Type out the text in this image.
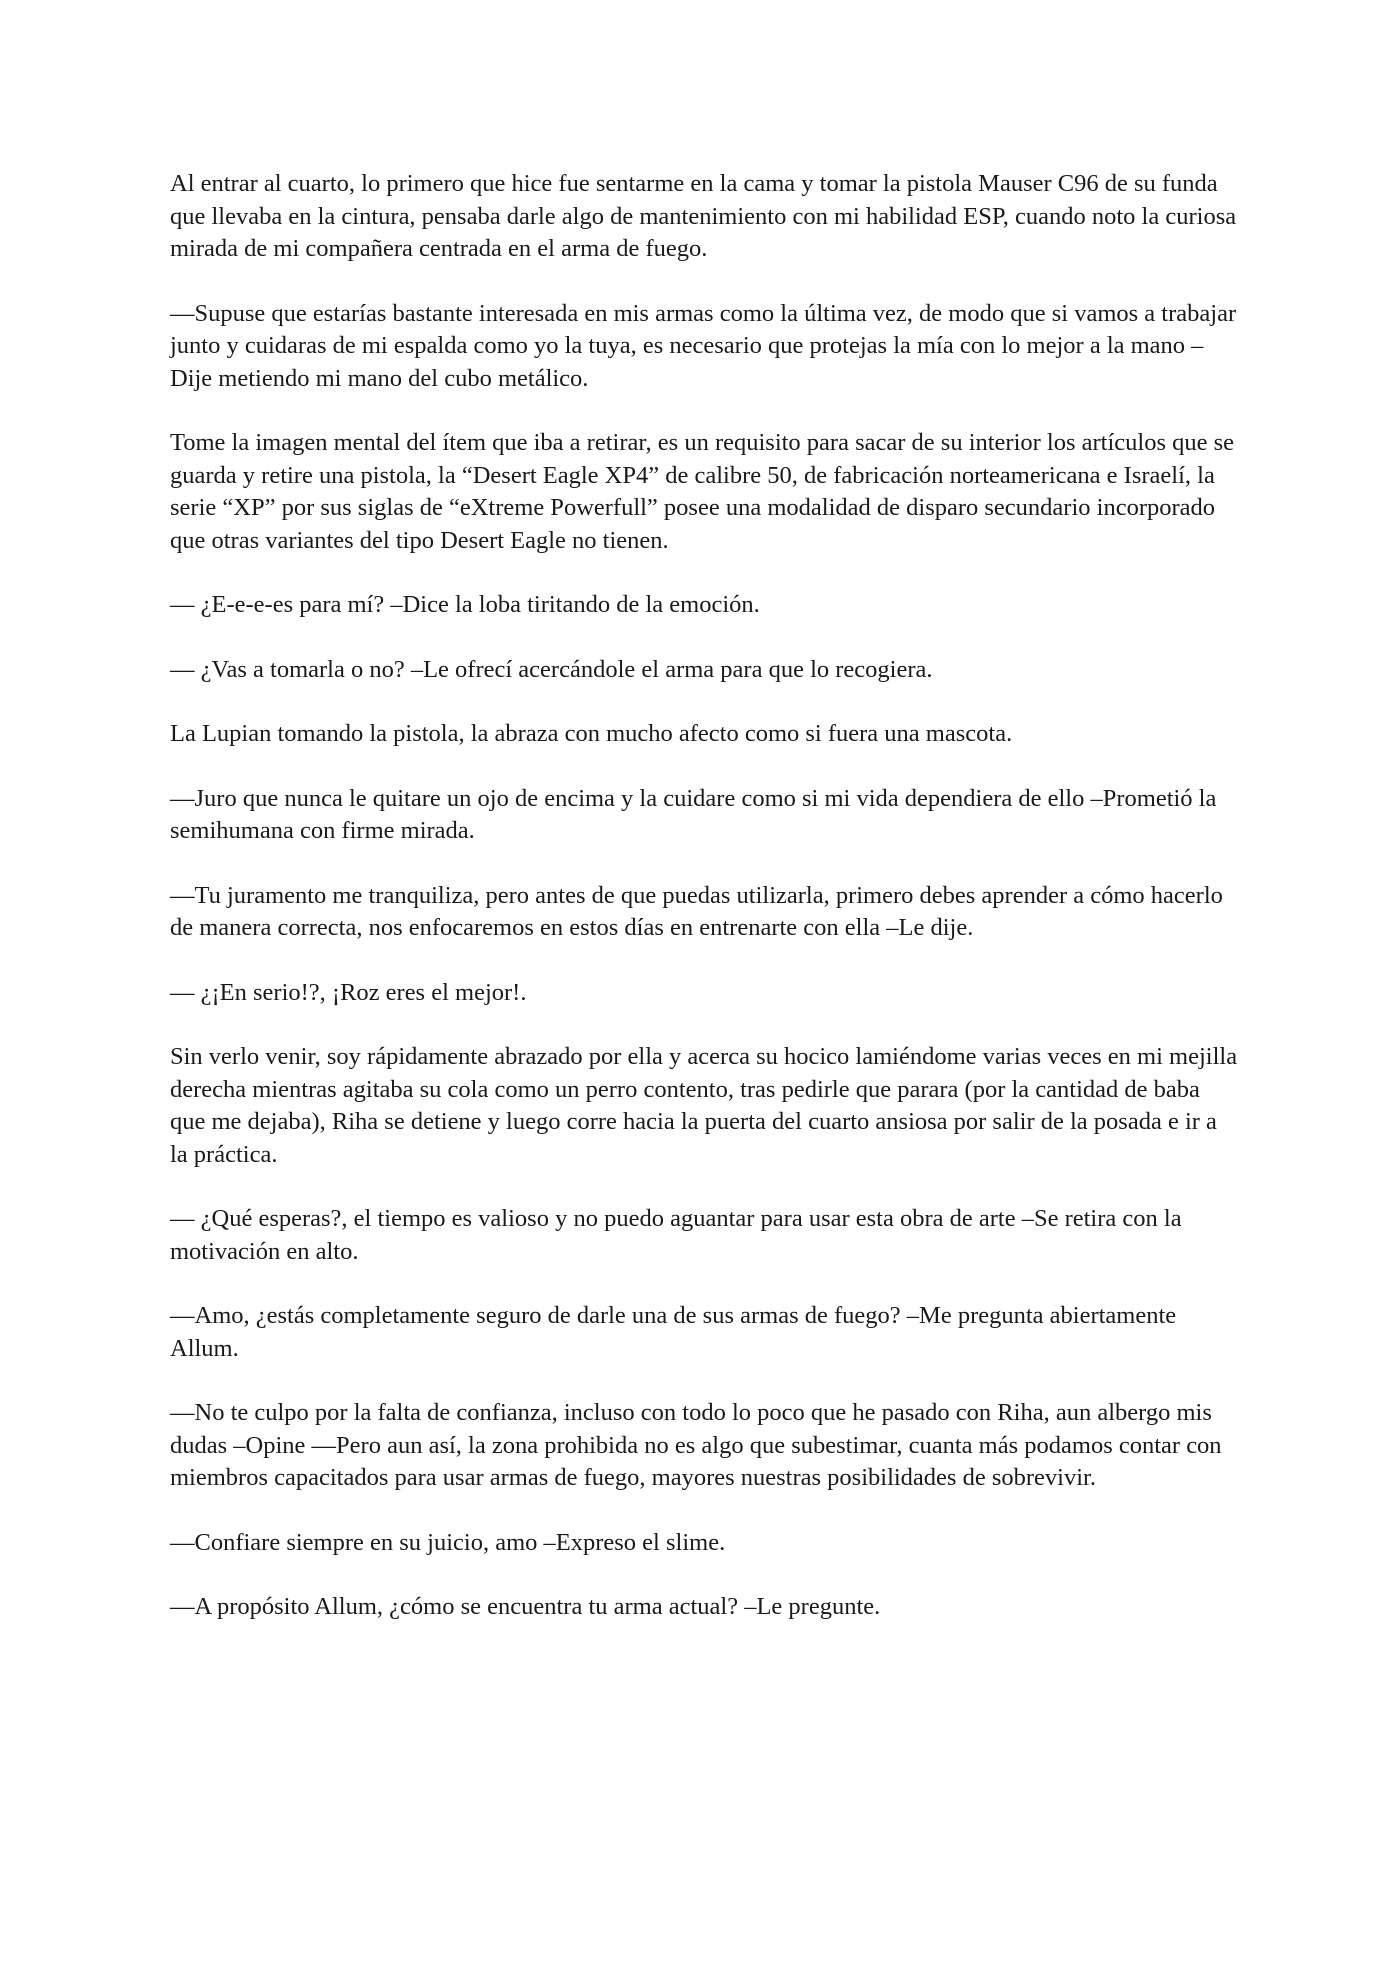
Al entrar al cuarto, lo primero que hice fue sentarme en la cama y tomar la pistola Mauser C96 de su funda que llevaba en la cintura, pensaba darle algo de mantenimiento con mi habilidad ESP, cuando noto la curiosa mirada de mi compañera centrada en el arma de fuego.

—Supuse que estarías bastante interesada en mis armas como la última vez, de modo que si vamos a trabajar junto y cuidaras de mi espalda como yo la tuya, es necesario que protejas la mía con lo mejor a la mano –Dije metiendo mi mano del cubo metálico.

Tome la imagen mental del ítem que iba a retirar, es un requisito para sacar de su interior los artículos que se guarda y retire una pistola, la “Desert Eagle XP4” de calibre 50, de fabricación norteamericana e Israelí, la serie “XP” por sus siglas de “eXtreme Powerfull” posee una modalidad de disparo secundario incorporado que otras variantes del tipo Desert Eagle no tienen.

— ¿E-e-e-es para mí? –Dice la loba tiritando de la emoción.

— ¿Vas a tomarla o no? –Le ofrecí acercándole el arma para que lo recogiera.

La Lupian tomando la pistola, la abraza con mucho afecto como si fuera una mascota.

—Juro que nunca le quitare un ojo de encima y la cuidare como si mi vida dependiera de ello –Prometió la semihumana con firme mirada.

—Tu juramento me tranquiliza, pero antes de que puedas utilizarla, primero debes aprender a cómo hacerlo de manera correcta, nos enfocaremos en estos días en entrenarte con ella –Le dije.

— ¿¡En serio!?, ¡Roz eres el mejor!.

Sin verlo venir, soy rápidamente abrazado por ella y acerca su hocico lamiéndome varias veces en mi mejilla derecha mientras agitaba su cola como un perro contento, tras pedirle que parara (por la cantidad de baba que me dejaba), Riha se detiene y luego corre hacia la puerta del cuarto ansiosa por salir de la posada e ir a la práctica.

— ¿Qué esperas?, el tiempo es valioso y no puedo aguantar para usar esta obra de arte –Se retira con la motivación en alto.

—Amo, ¿estás completamente seguro de darle una de sus armas de fuego? –Me pregunta abiertamente Allum.

—No te culpo por la falta de confianza, incluso con todo lo poco que he pasado con Riha, aun albergo mis dudas –Opine —Pero aun así, la zona prohibida no es algo que subestimar, cuanta más podamos contar con miembros capacitados para usar armas de fuego, mayores nuestras posibilidades de sobrevivir.

—Confiare siempre en su juicio, amo –Expreso el slime.

—A propósito Allum, ¿cómo se encuentra tu arma actual? –Le pregunte.
